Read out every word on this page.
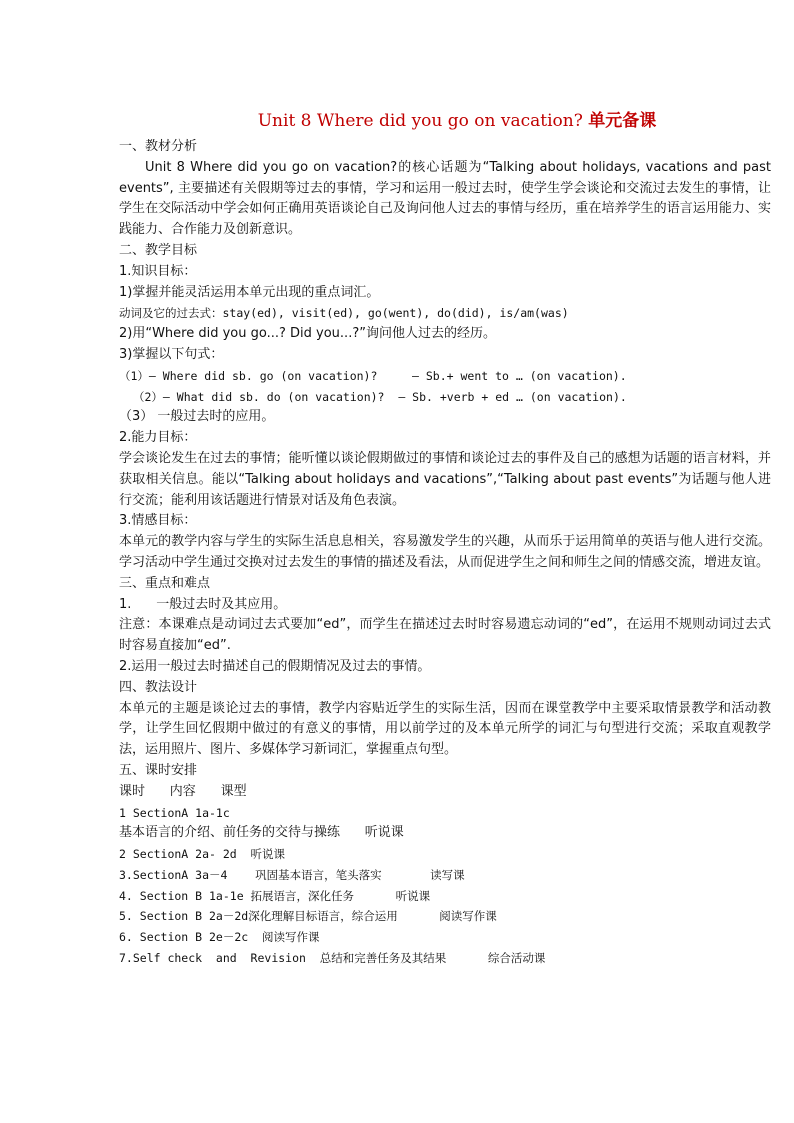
Unit 8 Where did you go on vacation? 单元备课
一、教材分析
Unit 8 Where did you go on vacation?的核心话题为“Talking about holidays, vacations and past events”, 主要描述有关假期等过去的事情，学习和运用一般过去时，使学生学会谈论和交流过去发生的事情，让学生在交际活动中学会如何正确用英语谈论自己及询问他人过去的事情与经历，重在培养学生的语言运用能力、实践能力、合作能力及创新意识。
二、教学目标
1.知识目标：
1)掌握并能灵活运用本单元出现的重点词汇。
动词及它的过去式：stay(ed), visit(ed), go(went), do(did), is/am(was)
2)用“Where did you go...? Did you...?”询问他人过去的经历。
3)掌握以下句式：
（1）— Where did sb. go (on vacation)?     — Sb.+ went to … (on vacation).
（2）— What did sb. do (on vacation)?  — Sb. +verb + ed … (on vacation).
（3） 一般过去时的应用。
2.能力目标：
学会谈论发生在过去的事情；能听懂以谈论假期做过的事情和谈论过去的事件及自己的感想为话题的语言材料，并获取相关信息。能以“Talking about holidays and vacations”,“Talking about past events”为话题与他人进行交流；能利用该话题进行情景对话及角色表演。
3.情感目标：
本单元的教学内容与学生的实际生活息息相关，容易激发学生的兴趣，从而乐于运用简单的英语与他人进行交流。学习活动中学生通过交换对过去发生的事情的描述及看法，从而促进学生之间和师生之间的情感交流，增进友谊。
三、重点和难点
1.      一般过去时及其应用。
注意：本课难点是动词过去式要加“ed”，而学生在描述过去时时容易遗忘动词的“ed”，在运用不规则动词过去式时容易直接加“ed”.
2.运用一般过去时描述自己的假期情况及过去的事情。
四、教法设计
本单元的主题是谈论过去的事情，教学内容贴近学生的实际生活，因而在课堂教学中主要采取情景教学和活动教学，让学生回忆假期中做过的有意义的事情，用以前学过的及本单元所学的词汇与句型进行交流；采取直观教学法，运用照片、图片、多媒体学习新词汇，掌握重点句型。
五、课时安排
课时      内容      课型
1 SectionA 1a-1c
基本语言的介绍、前任务的交待与操练      听说课
2 SectionA 2a- 2d  听说课
3.SectionA 3a－4    巩固基本语言，笔头落实       读写课
4. Section B 1a-1e 拓展语言，深化任务      听说课
5. Section B 2a－2d深化理解目标语言，综合运用      阅读写作课
6. Section B 2e－2c  阅读写作课
7.Self check  and  Revision  总结和完善任务及其结果      综合活动课
